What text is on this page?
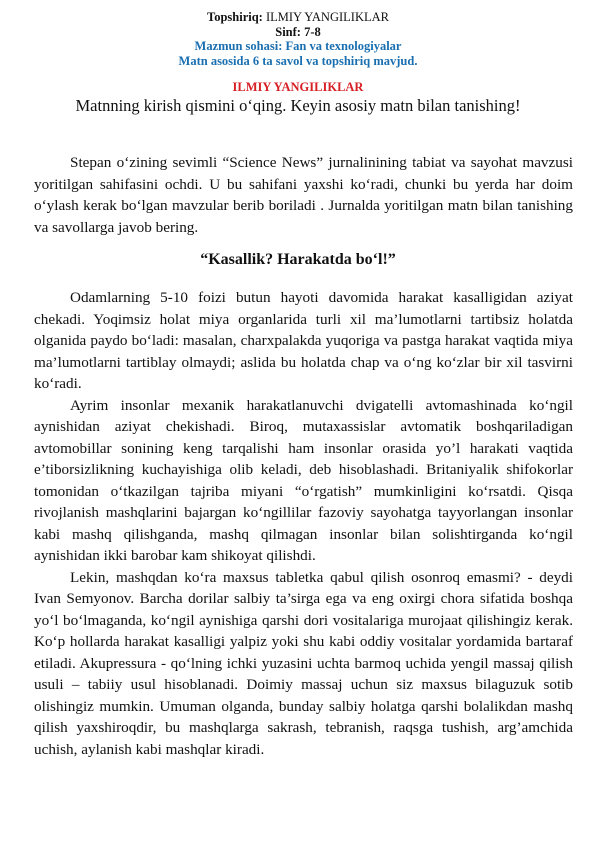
Topshiriq: ILMIY YANGILIKLAR
Sinf: 7-8
Mazmun sohasi: Fan va texnologiyalar
Matn asosida 6 ta savol va topshiriq mavjud.
ILMIY YANGILIKLAR
Matnning kirish qismini o‘qing. Keyin asosiy matn bilan tanishing!

Stepan o‘zining sevimli “Science News” jurnalinining tabiat va sayohat mavzusi yoritilgan sahifasini ochdi. U bu sahifani yaxshi ko‘radi, chunki bu yerda har doim o‘ylash kerak bo‘lgan mavzular berib boriladi . Jurnalda yoritilgan matn bilan tanishing va savollarga javob bering.

“Kasallik? Harakatda bo‘l!”

Odamlarning 5-10 foizi butun hayoti davomida harakat kasalligidan aziyat chekadi. Yoqimsiz holat miya organlarida turli xil ma’lumotlarni tartibsiz holatda olganida paydo bo‘ladi: masalan, charxpalakda yuqoriga va pastga harakat vaqtida miya ma’lumotlarni tartiblay olmaydi; aslida bu holatda chap va o‘ng ko‘zlar bir xil tasvirni ko‘radi.

Ayrim insonlar mexanik harakatlanuvchi dvigatelli avtomashinada ko‘ngil aynishidan aziyat chekishadi. Biroq, mutaxassislar avtomatik boshqariladigan avtomobillar sonining keng tarqalishi ham insonlar orasida yo’l harakati vaqtida e’tiborsizlikning kuchayishiga olib keladi, deb hisoblashadi. Britaniyalik shifokorlar tomonidan o‘tkazilgan tajriba miyani “o‘rgatish” mumkinligini ko‘rsatdi. Qisqa rivojlanish mashqlarini bajargan ko‘ngillilar fazoviy sayohatga tayyorlangan insonlar kabi mashq qilishganda, mashq qilmagan insonlar bilan solishtirganda ko‘ngil aynishidan ikki barobar kam shikoyat qilishdi.

Lekin, mashqdan ko‘ra maxsus tabletka qabul qilish osonroq emasmi? - deydi Ivan Semyonov. Barcha dorilar salbiy ta’sirga ega va eng oxirgi chora sifatida boshqa yo‘l bo‘lmaganda, ko‘ngil aynishiga qarshi dori vositalariga murojaat qilishingiz kerak. Ko‘p hollarda harakat kasalligi yalpiz yoki shu kabi oddiy vositalar yordamida bartaraf etiladi. Akupressura - qo‘lning ichki yuzasini uchta barmoq uchida yengil massaj qilish usuli – tabiiy usul hisoblanadi. Doimiy massaj uchun siz maxsus bilaguzuk sotib olishingiz mumkin. Umuman olganda, bunday salbiy holatga qarshi bolalikdan mashq qilish yaxshiroqdir, bu mashqlarga sakrash, tebranish, raqsga tushish, arg’amchida uchish, aylanish kabi mashqlar kiradi.
